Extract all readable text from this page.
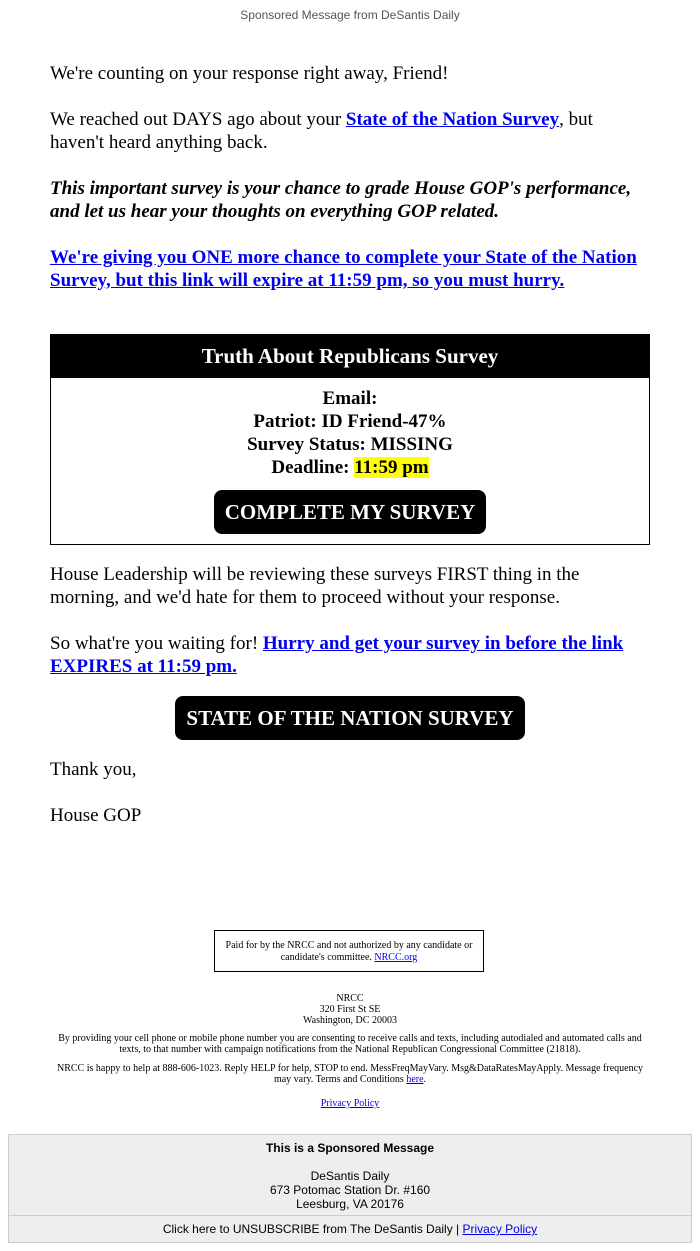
Sponsored Message from DeSantis Daily

We're counting on your response right away, Friend!

We reached out DAYS ago about your State of the Nation Survey, but haven't heard anything back.

This important survey is your chance to grade House GOP's performance, and let us hear your thoughts on everything GOP related.

We're giving you ONE more chance to complete your State of the Nation Survey, but this link will expire at 11:59 pm, so you must hurry.

Truth About Republicans Survey
Email:
Patriot: ID Friend-47%
Survey Status: MISSING
Deadline: 11:59 pm
COMPLETE MY SURVEY

House Leadership will be reviewing these surveys FIRST thing in the morning, and we'd hate for them to proceed without your response.

So what're you waiting for! Hurry and get your survey in before the link EXPIRES at 11:59 pm.

STATE OF THE NATION SURVEY

Thank you,

House GOP

Paid for by the NRCC and not authorized by any candidate or candidate's committee. NRCC.org
NRCC
320 First St SE
Washington, DC 20003
By providing your cell phone or mobile phone number you are consenting to receive calls and texts, including autodialed and automated calls and texts, to that number with campaign notifications from the National Republican Congressional Committee (21818).
NRCC is happy to help at 888-606-1023. Reply HELP for help, STOP to end. MessFreqMayVary. Msg&DataRatesMayApply. Message frequency may vary. Terms and Conditions here.
Privacy Policy
This is a Sponsored Message
DeSantis Daily
673 Potomac Station Dr. #160
Leesburg, VA 20176
Click here to UNSUBSCRIBE from The DeSantis Daily | Privacy Policy
